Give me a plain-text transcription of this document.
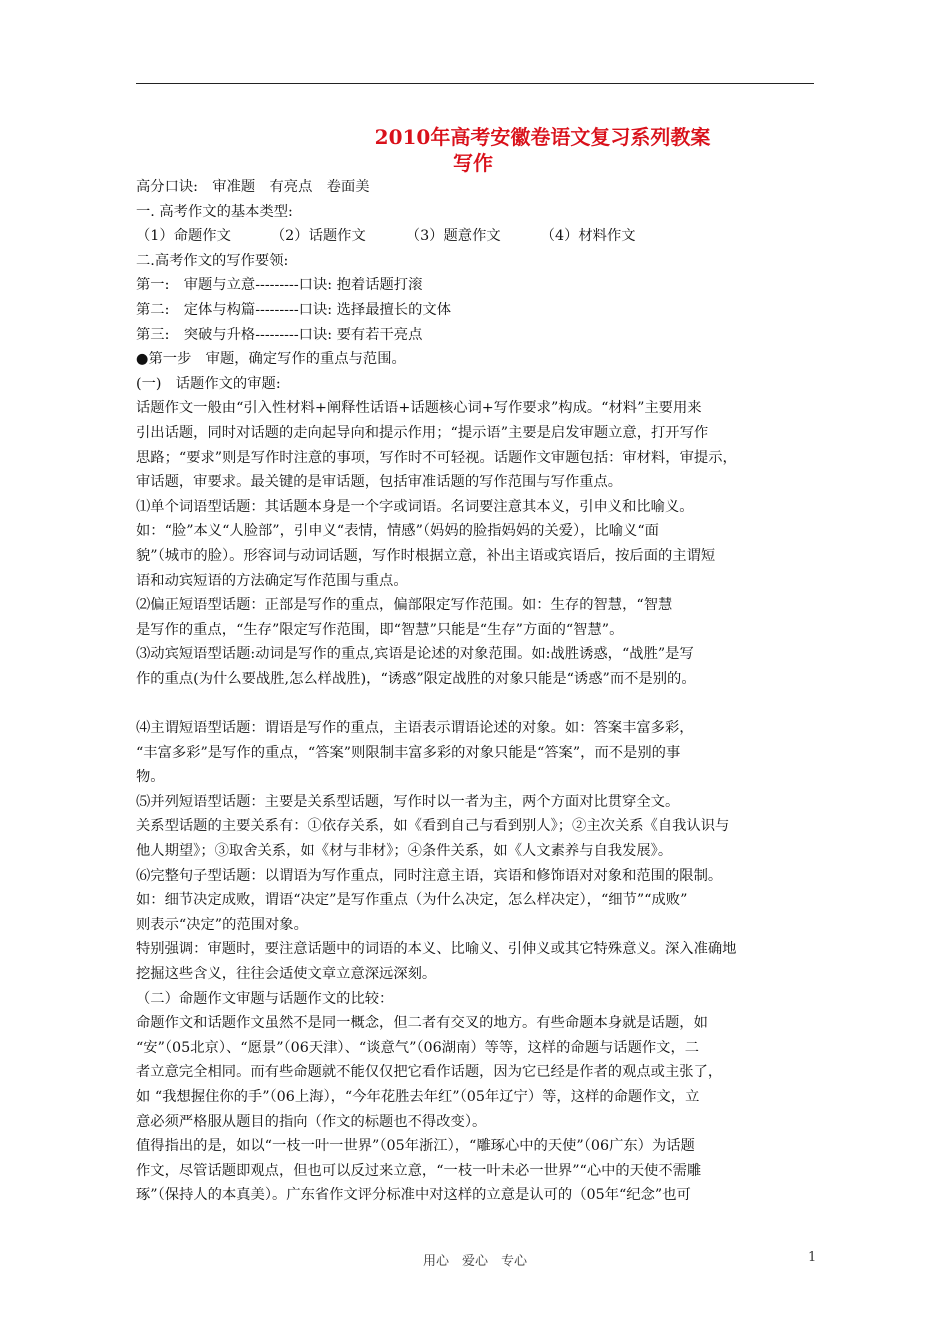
2010年高考安徽卷语文复习系列教案
写作

高分口诀:　审准题　有亮点　卷面美

一. 高考作文的基本类型:

（1）命题作文	（2）话题作文	（3）题意作文	（4）材料作文

二.高考作文的写作要领:

第一:　审题与立意---------口诀: 抱着话题打滚

第二:　定体与构篇---------口诀: 选择最擅长的文体

第三:　突破与升格---------口诀: 要有若干亮点

●第一步　审题，确定写作的重点与范围。

(一)　话题作文的审题:

话题作文一般由“引入性材料+阐释性话语+话题核心词+写作要求”构成。“材料”主要用来

引出话题，同时对话题的走向起导向和提示作用；“提示语”主要是启发审题立意，打开写作

思路；“要求”则是写作时注意的事项，写作时不可轻视。话题作文审题包括：审材料，审提示，

审话题，审要求。最关键的是审话题，包括审准话题的写作范围与写作重点。

⑴单个词语型话题：其话题本身是一个字或词语。名词要注意其本义，引申义和比喻义。

如：“脸”本义“人脸部”，引申义“表情，情感”（妈妈的脸指妈妈的关爱），比喻义“面

貌”（城市的脸）。形容词与动词话题，写作时根据立意，补出主语或宾语后，按后面的主谓短

语和动宾短语的方法确定写作范围与重点。

⑵偏正短语型话题：正部是写作的重点，偏部限定写作范围。如：生存的智慧，“智慧

是写作的重点，“生存”限定写作范围，即“智慧”只能是“生存”方面的“智慧”。

⑶动宾短语型话题:动词是写作的重点,宾语是论述的对象范围。如:战胜诱惑，“战胜”是写

作的重点(为什么要战胜,怎么样战胜)，“诱惑”限定战胜的对象只能是“诱惑”而不是别的。

⑷主谓短语型话题：谓语是写作的重点，主语表示谓语论述的对象。如：答案丰富多彩，

“丰富多彩”是写作的重点，“答案”则限制丰富多彩的对象只能是“答案”，而不是别的事

物。

⑸并列短语型话题：主要是关系型话题，写作时以一者为主，两个方面对比贯穿全文。

关系型话题的主要关系有：①依存关系，如《看到自己与看到别人》；②主次关系《自我认识与

他人期望》；③取舍关系，如《材与非材》；④条件关系，如《人文素养与自我发展》。

⑹完整句子型话题：以谓语为写作重点，同时注意主语，宾语和修饰语对对象和范围的限制。

如：细节决定成败，谓语“决定”是写作重点（为什么决定，怎么样决定），“细节”“成败”

则表示“决定”的范围对象。

特别强调：审题时，要注意话题中的词语的本义、比喻义、引伸义或其它特殊意义。深入准确地

挖掘这些含义，往往会适使文章立意深远深刻。

（二）命题作文审题与话题作文的比较：

命题作文和话题作文虽然不是同一概念，但二者有交叉的地方。有些命题本身就是话题，如

“安”（05北京）、“愿景”（06天津）、“谈意气”（06湖南）等等，这样的命题与话题作文，二

者立意完全相同。而有些命题就不能仅仅把它看作话题，因为它已经是作者的观点或主张了，

如 “我想握住你的手”（06上海），“今年花胜去年红”（05年辽宁）等，这样的命题作文，立

意必须严格服从题目的指向（作文的标题也不得改变）。

值得指出的是，如以“一枝一叶一世界”（05年浙江），“雕琢心中的天使”（06广东）为话题

作文，尽管话题即观点，但也可以反过来立意，“一枝一叶未必一世界”“心中的天使不需雕

琢”（保持人的本真美）。广东省作文评分标准中对这样的立意是认可的（05年“纪念”也可

用心　爱心　专心	1
